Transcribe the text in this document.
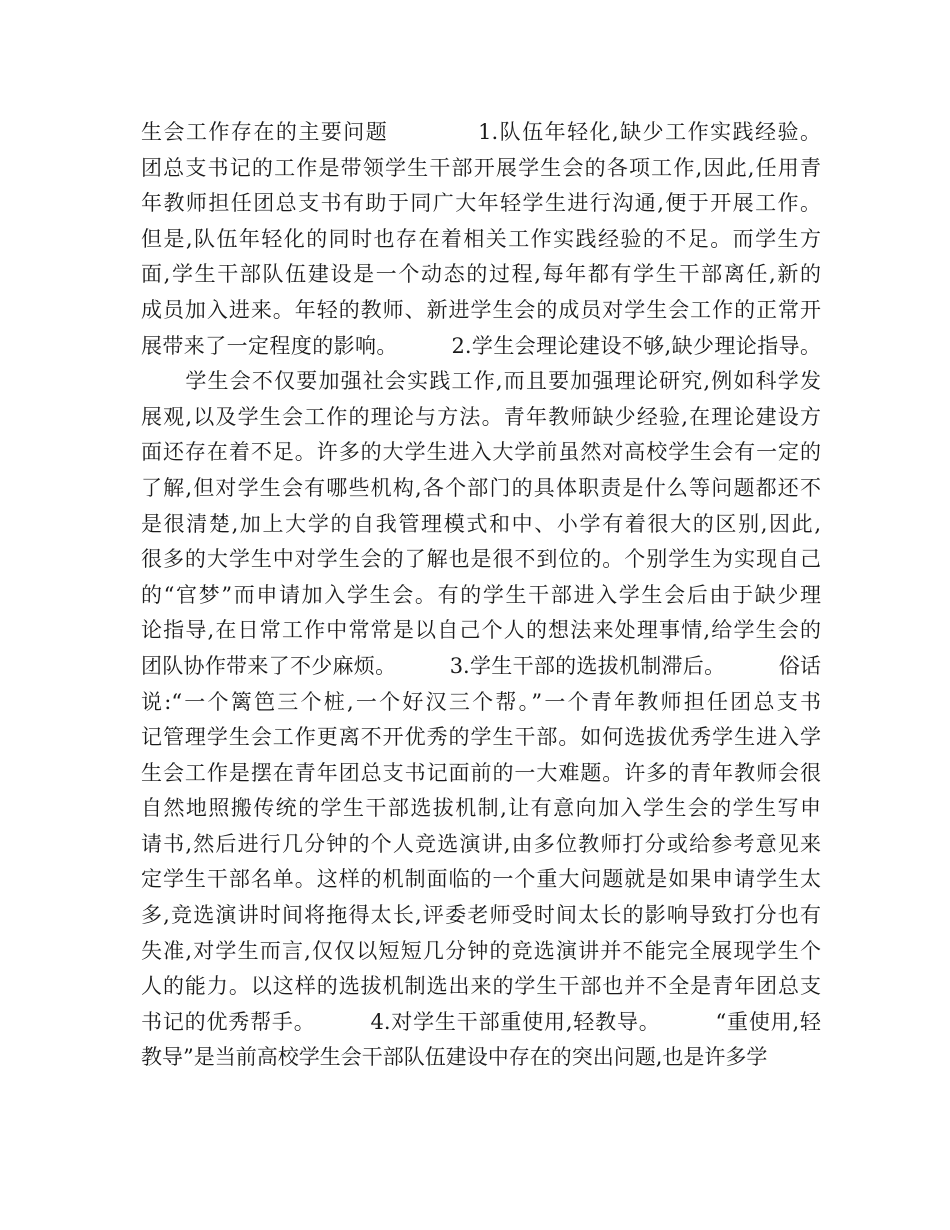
生会工作存在的主要问题　　　　1.队伍年轻化,缺少工作实践经验。
团总支书记的工作是带领学生干部开展学生会的各项工作,因此,任用青
年教师担任团总支书有助于同广大年轻学生进行沟通,便于开展工作。
但是,队伍年轻化的同时也存在着相关工作实践经验的不足。而学生方
面,学生干部队伍建设是一个动态的过程,每年都有学生干部离任,新的
成员加入进来。年轻的教师、新进学生会的成员对学生会工作的正常开
展带来了一定程度的影响。　　　2.学生会理论建设不够,缺少理论指导。
　　学生会不仅要加强社会实践工作,而且要加强理论研究,例如科学发
展观,以及学生会工作的理论与方法。青年教师缺少经验,在理论建设方
面还存在着不足。许多的大学生进入大学前虽然对高校学生会有一定的
了解,但对学生会有哪些机构,各个部门的具体职责是什么等问题都还不
是很清楚,加上大学的自我管理模式和中、小学有着很大的区别,因此,
很多的大学生中对学生会的了解也是很不到位的。个别学生为实现自己
的“官梦”而申请加入学生会。有的学生干部进入学生会后由于缺少理
论指导,在日常工作中常常是以自己个人的想法来处理事情,给学生会的
团队协作带来了不少麻烦。　　　3.学生干部的选拔机制滞后。　　　俗话
说:“一个篱笆三个桩,一个好汉三个帮。”一个青年教师担任团总支书
记管理学生会工作更离不开优秀的学生干部。如何选拔优秀学生进入学
生会工作是摆在青年团总支书记面前的一大难题。许多的青年教师会很
自然地照搬传统的学生干部选拔机制,让有意向加入学生会的学生写申
请书,然后进行几分钟的个人竞选演讲,由多位教师打分或给参考意见来
定学生干部名单。这样的机制面临的一个重大问题就是如果申请学生太
多,竞选演讲时间将拖得太长,评委老师受时间太长的影响导致打分也有
失准,对学生而言,仅仅以短短几分钟的竞选演讲并不能完全展现学生个
人的能力。以这样的选拔机制选出来的学生干部也并不全是青年团总支
书记的优秀帮手。　　　4.对学生干部重使用,轻教导。　　　“重使用,轻
教导”是当前高校学生会干部队伍建设中存在的突出问题,也是许多学
